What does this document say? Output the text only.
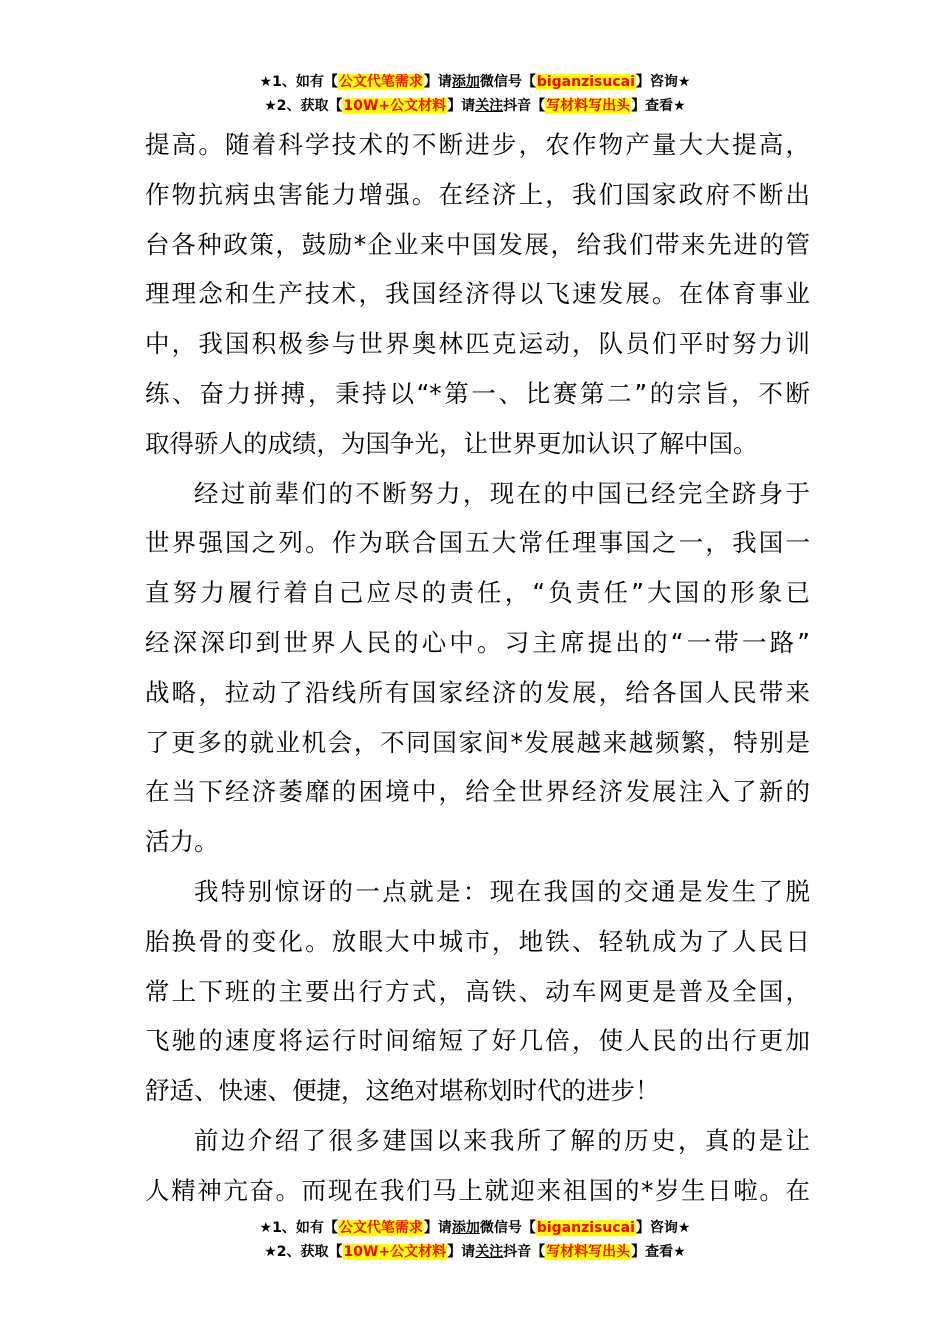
★1、如有【公文代笔需求】请添加微信号【biganzisucai】咨询★
★2、获取【10W+公文材料】请关注抖音【写材料写出头】查看★

提高。随着科学技术的不断进步，农作物产量大大提高，
作物抗病虫害能力增强。在经济上，我们国家政府不断出
台各种政策，鼓励*企业来中国发展，给我们带来先进的管
理理念和生产技术，我国经济得以飞速发展。在体育事业
中，我国积极参与世界奥林匹克运动，队员们平时努力训
练、奋力拼搏，秉持以“*第一、比赛第二”的宗旨，不断
取得骄人的成绩，为国争光，让世界更加认识了解中国。

经过前辈们的不断努力，现在的中国已经完全跻身于
世界强国之列。作为联合国五大常任理事国之一，我国一
直努力履行着自己应尽的责任，“负责任”大国的形象已
经深深印到世界人民的心中。习主席提出的“一带一路”
战略，拉动了沿线所有国家经济的发展，给各国人民带来
了更多的就业机会，不同国家间*发展越来越频繁，特别是
在当下经济萎靡的困境中，给全世界经济发展注入了新的
活力。

我特别惊讶的一点就是：现在我国的交通是发生了脱
胎换骨的变化。放眼大中城市，地铁、轻轨成为了人民日
常上下班的主要出行方式，高铁、动车网更是普及全国，
飞驰的速度将运行时间缩短了好几倍，使人民的出行更加
舒适、快速、便捷，这绝对堪称划时代的进步！

前边介绍了很多建国以来我所了解的历史，真的是让
人精神亢奋。而现在我们马上就迎来祖国的*岁生日啦。在

★1、如有【公文代笔需求】请添加微信号【biganzisucai】咨询★
★2、获取【10W+公文材料】请关注抖音【写材料写出头】查看★
